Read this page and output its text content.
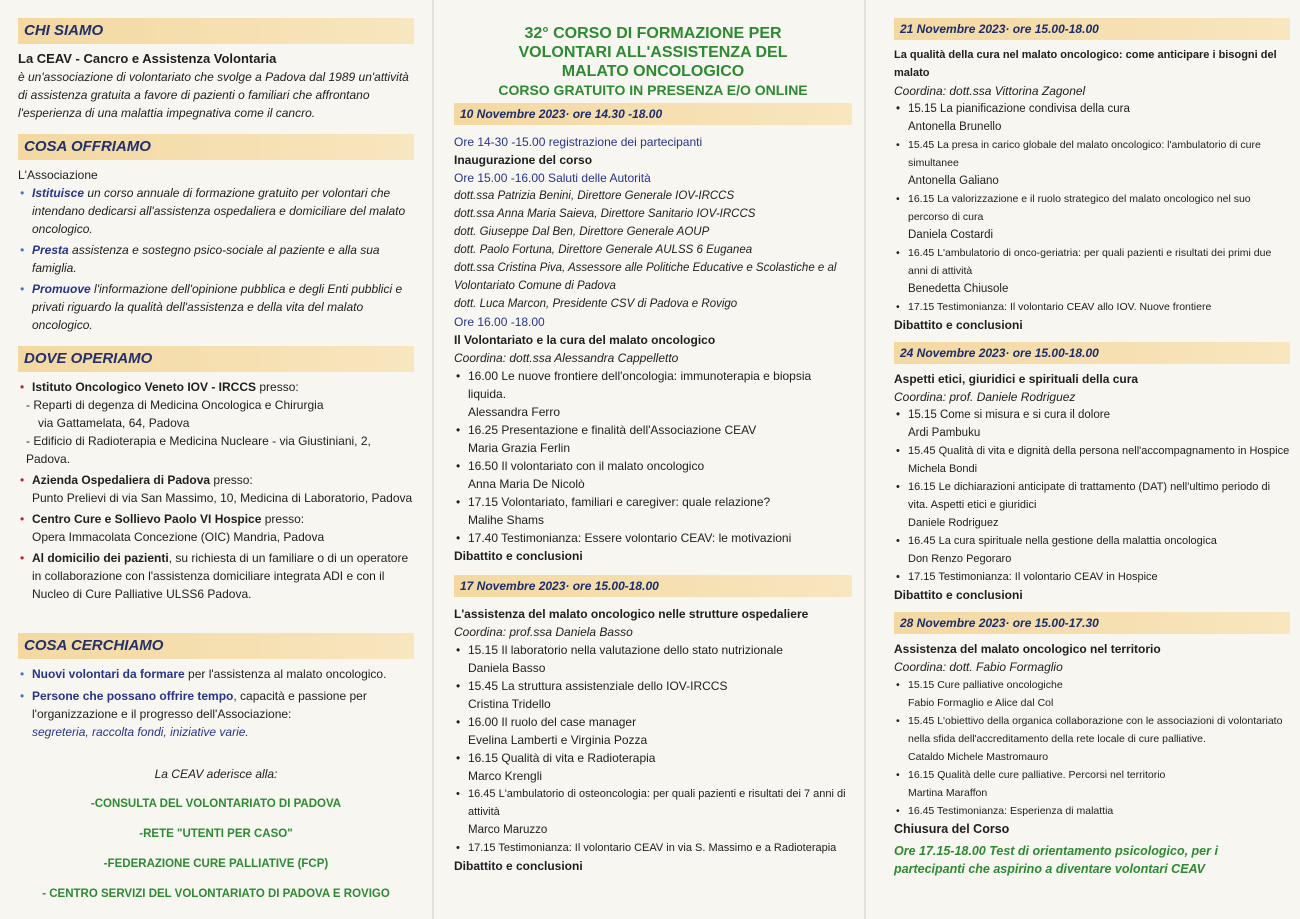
CHI SIAMO

La CEAV - Cancro e Assistenza Volontaria

è un'associazione di volontariato che svolge a Padova dal 1989 un'attività di assistenza gratuita a favore di pazienti o familiari che affrontano l'esperienza di una malattia impegnativa come il cancro.

COSA OFFRIAMO

L'Associazione

• Istituisce un corso annuale di formazione gratuito per volontari che intendano dedicarsi all'assistenza ospedaliera e domiciliare del malato oncologico.
• Presta assistenza e sostegno psico-sociale al paziente e alla sua famiglia.
• Promuove l'informazione dell'opinione pubblica e degli Enti pubblici e privati riguardo la qualità dell'assistenza e della vita del malato oncologico.
DOVE OPERIAMO
• Istituto Oncologico Veneto IOV - IRCCS presso:
- Reparti di degenza di Medicina Oncologica e Chirurgia
via Gattamelata, 64, Padova
- Edificio di Radioterapia e Medicina Nucleare - via Giustiniani, 2, Padova.
• Azienda Ospedaliera di Padova presso:
Punto Prelievi di via San Massimo, 10, Medicina di Laboratorio, Padova
• Centro Cure e Sollievo Paolo VI Hospice presso:
Opera Immacolata Concezione (OIC) Mandria, Padova
• Al domicilio dei pazienti, su richiesta di un familiare o di un operatore in collaborazione con l'assistenza domiciliare integrata ADI e con il Nucleo di Cure Palliative ULSS6 Padova.
COSA CERCHIAMO
• Nuovi volontari da formare per l'assistenza al malato oncologico.
• Persone che possano offrire tempo, capacità e passione per l'organizzazione e il progresso dell'Associazione:
segreteria, raccolta fondi, iniziative varie.

La CEAV aderisce alla:

-CONSULTA DEL VOLONTARIATO DI PADOVA

-RETE "UTENTI PER CASO"

-FEDERAZIONE CURE PALLIATIVE (FCP)

- CENTRO SERVIZI DEL VOLONTARIATO DI PADOVA E ROVIGO

32° CORSO DI FORMAZIONE PER
VOLONTARI ALL'ASSISTENZA DEL
MALATO ONCOLOGICO
CORSO GRATUITO IN PRESENZA E/O ONLINE
10 Novembre 2023· ore 14.30 -18.00

Ore 14-30 -15.00 registrazione dei partecipanti

Inaugurazione del corso

Ore 15.00 -16.00 Saluti delle Autorità

dott.ssa Patrizia Benini, Direttore Generale IOV-IRCCS
dott.ssa Anna Maria Saieva, Direttore Sanitario IOV-IRCCS
dott. Giuseppe Dal Ben, Direttore Generale AOUP
dott. Paolo Fortuna, Direttore Generale AULSS 6 Euganea
dott.ssa Cristina Piva, Assessore alle Politiche Educative e Scolastiche e al
Volontariato Comune di Padova
dott. Luca Marcon, Presidente CSV di Padova e Rovigo

Ore 16.00 -18.00

Il Volontariato e la cura del malato oncologico

Coordina: dott.ssa Alessandra Cappelletto

• 16.00 Le nuove frontiere dell'oncologia: immunoterapia e biopsia liquida.
Alessandra Ferro
• 16.25 Presentazione e finalità dell'Associazione CEAV
Maria Grazia Ferlin
• 16.50 Il volontariato con il malato oncologico
Anna Maria De Nicolò
• 17.15 Volontariato, familiari e caregiver: quale relazione?
Malihe Shams
• 17.40 Testimonianza: Essere volontario CEAV: le motivazioni

Dibattito e conclusioni

17 Novembre 2023· ore 15.00-18.00

L'assistenza del malato oncologico nelle strutture ospedaliere

Coordina: prof.ssa Daniela Basso

• 15.15 Il laboratorio nella valutazione dello stato nutrizionale
Daniela Basso
• 15.45 La struttura assistenziale dello IOV-IRCCS
Cristina Tridello
• 16.00 Il ruolo del case manager
Evelina Lamberti e Virginia Pozza
• 16.15 Qualità di vita e Radioterapia
Marco Krengli
• 16.45 L'ambulatorio di osteoncologia: per quali pazienti e risultati dei 7 anni di attività
Marco Maruzzo
• 17.15 Testimonianza: Il volontario CEAV in via S. Massimo e a Radioterapia

Dibattito e conclusioni

21 Novembre 2023· ore 15.00-18.00

La qualità della cura nel malato oncologico: come anticipare i bisogni del malato

Coordina: dott.ssa Vittorina Zagonel

• 15.15 La pianificazione condivisa della cura
Antonella Brunello
• 15.45 La presa in carico globale del malato oncologico: l'ambulatorio di cure simultanee
Antonella Galiano
• 16.15 La valorizzazione e il ruolo strategico del malato oncologico nel suo percorso di cura
Daniela Costardi
• 16.45 L'ambulatorio di onco-geriatria: per quali pazienti e risultati dei primi due anni di attività
Benedetta Chiusole
• 17.15 Testimonianza: Il volontario CEAV allo IOV. Nuove frontiere

Dibattito e conclusioni

24 Novembre 2023· ore 15.00-18.00

Aspetti etici, giuridici e spirituali della cura

Coordina: prof. Daniele Rodriguez

• 15.15 Come si misura e si cura il dolore
Ardi Pambuku
• 15.45 Qualità di vita e dignità della persona nell'accompagnamento in Hospice
Michela Bondi
• 16.15 Le dichiarazioni anticipate di trattamento (DAT) nell'ultimo periodo di vita. Aspetti etici e giuridici
Daniele Rodriguez
• 16.45 La cura spirituale nella gestione della malattia oncologica
Don Renzo Pegoraro
• 17.15 Testimonianza: Il volontario CEAV in Hospice

Dibattito e conclusioni

28 Novembre 2023· ore 15.00-17.30

Assistenza del malato oncologico nel territorio

Coordina: dott. Fabio Formaglio

• 15.15 Cure palliative oncologiche
Fabio Formaglio e Alice dal Col
• 15.45 L'obiettivo della organica collaborazione con le associazioni di volontariato nella sfida dell'accreditamento della rete locale di cure palliative.
Cataldo Michele Mastromauro
• 16.15 Qualità delle cure palliative. Percorsi nel territorio
Martina Maraffon
• 16.45 Testimonianza: Esperienza di malattia

Chiusura del Corso

Ore 17.15-18.00 Test di orientamento psicologico, per i partecipanti che aspirino a diventare volontari CEAV
